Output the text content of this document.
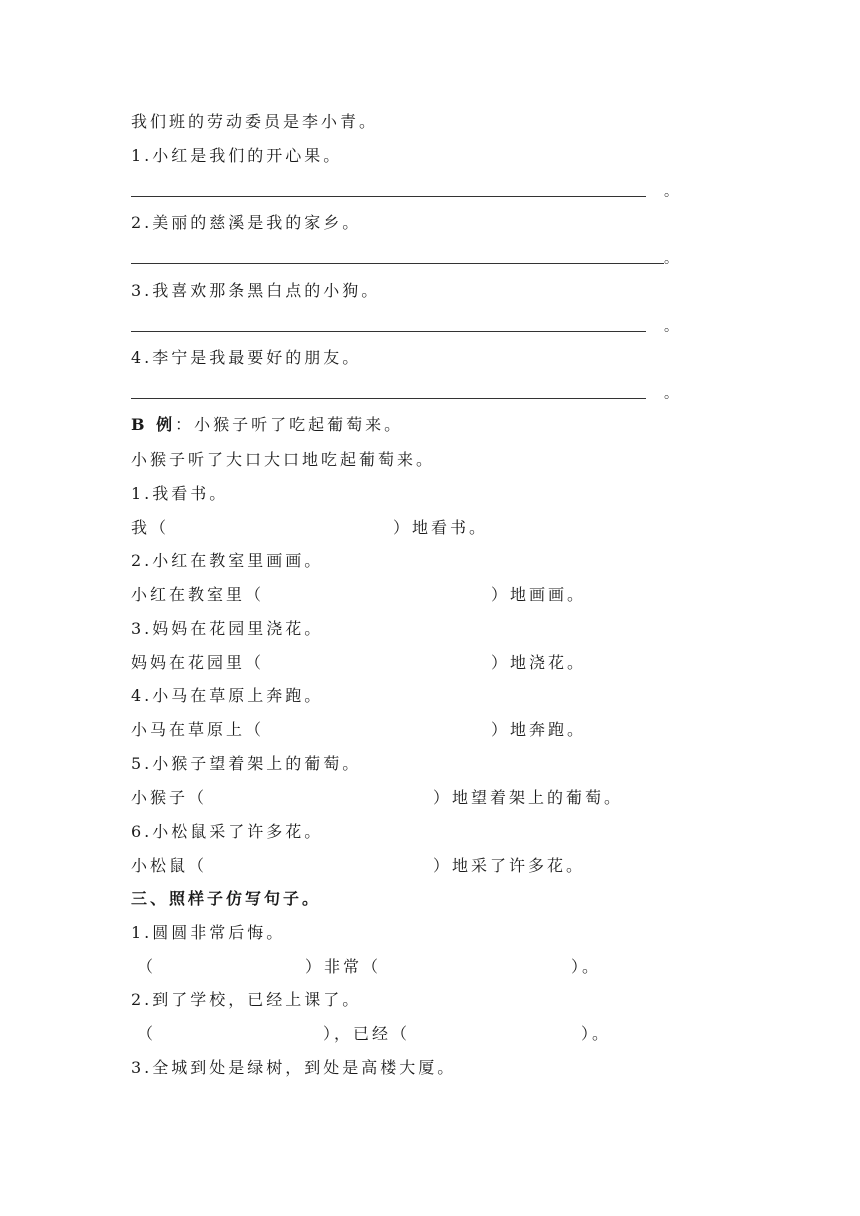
我们班的劳动委员是李小青。
1.小红是我们的开心果。
。
2.美丽的慈溪是我的家乡。
。
3.我喜欢那条黑白点的小狗。
。
4.李宁是我最要好的朋友。
。
B 例：小猴子听了吃起葡萄来。
小猴子听了大口大口地吃起葡萄来。
1.我看书。
我（	）地看书。
2.小红在教室里画画。
小红在教室里（	）地画画。
3.妈妈在花园里浇花。
妈妈在花园里（	）地浇花。
4.小马在草原上奔跑。
小马在草原上（	）地奔跑。
5.小猴子望着架上的葡萄。
小猴子（	）地望着架上的葡萄。
6.小松鼠采了许多花。
小松鼠（	）地采了许多花。
三、照样子仿写句子。
1.圆圆非常后悔。
（	）非常（	）。
2.到了学校，已经上课了。
（	），已经（	）。
3.全城到处是绿树，到处是高楼大厦。
